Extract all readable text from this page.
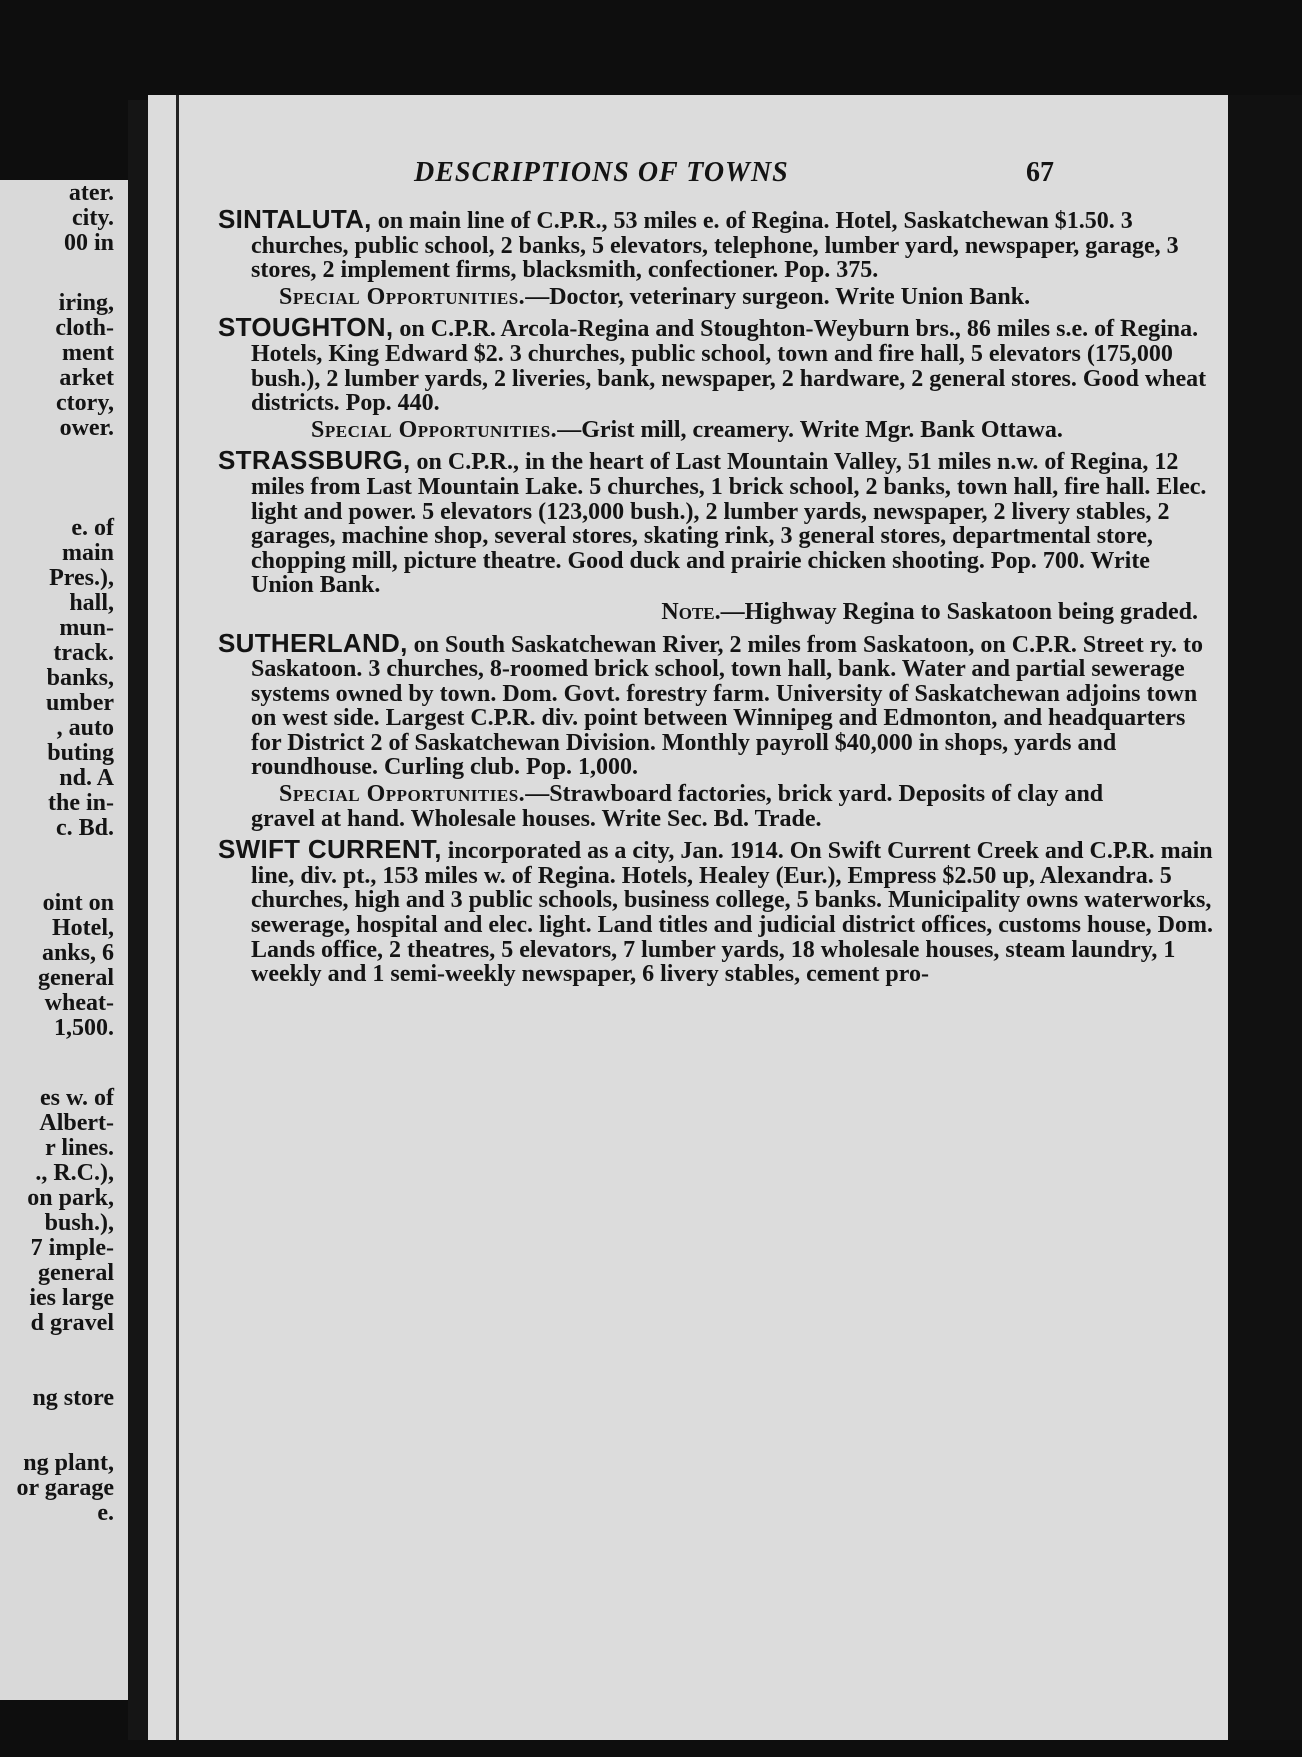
ater.
city.
00 in
iring,
cloth-
ment
arket
ctory,
ower.
e. of
main
Pres.),
hall,
mun-
track.
banks,
umber
, auto
buting
nd. A
the in-
c. Bd.
oint on
Hotel,
anks, 6
general
wheat-
1,500.
es w. of
Albert-
r lines.
., R.C.),
on park,
bush.),
7 imple-
general
ies large
d gravel
ng store
ng plant,
or garage
e.
DESCRIPTIONS OF TOWNS	67

SINTALUTA, on main line of C.P.R., 53 miles e. of Regina. Hotel, Saskatchewan $1.50. 3 churches, public school, 2 banks, 5 elevators, telephone, lumber yard, newspaper, garage, 3 stores, 2 implement firms, blacksmith, confectioner. Pop. 375.

Special Opportunities.—Doctor, veterinary surgeon. Write Union Bank.

STOUGHTON, on C.P.R. Arcola-Regina and Stoughton-Weyburn brs., 86 miles s.e. of Regina. Hotels, King Edward $2. 3 churches, public school, town and fire hall, 5 elevators (175,000 bush.), 2 lumber yards, 2 liveries, bank, newspaper, 2 hardware, 2 general stores. Good wheat districts. Pop. 440.

Special Opportunities.—Grist mill, creamery. Write Mgr. Bank Ottawa.

STRASSBURG, on C.P.R., in the heart of Last Mountain Valley, 51 miles n.w. of Regina, 12 miles from Last Mountain Lake. 5 churches, 1 brick school, 2 banks, town hall, fire hall. Elec. light and power. 5 elevators (123,000 bush.), 2 lumber yards, newspaper, 2 livery stables, 2 garages, machine shop, several stores, skating rink, 3 general stores, departmental store, chopping mill, picture theatre. Good duck and prairie chicken shooting. Pop. 700. Write Union Bank.

Note.—Highway Regina to Saskatoon being graded.

SUTHERLAND, on South Saskatchewan River, 2 miles from Saskatoon, on C.P.R. Street ry. to Saskatoon. 3 churches, 8-roomed brick school, town hall, bank. Water and partial sewerage systems owned by town. Dom. Govt. forestry farm. University of Saskatchewan adjoins town on west side. Largest C.P.R. div. point between Winnipeg and Edmonton, and headquarters for District 2 of Saskatchewan Division. Monthly payroll $40,000 in shops, yards and roundhouse. Curling club. Pop. 1,000.

Special Opportunities.—Strawboard factories, brick yard. Deposits of clay and gravel at hand. Wholesale houses. Write Sec. Bd. Trade.

SWIFT CURRENT, incorporated as a city, Jan. 1914. On Swift Current Creek and C.P.R. main line, div. pt., 153 miles w. of Regina. Hotels, Healey (Eur.), Empress $2.50 up, Alexandra. 5 churches, high and 3 public schools, business college, 5 banks. Municipality owns waterworks, sewerage, hospital and elec. light. Land titles and judicial district offices, customs house, Dom. Lands office, 2 theatres, 5 elevators, 7 lumber yards, 18 wholesale houses, steam laundry, 1 weekly and 1 semi-weekly newspaper, 6 livery stables, cement pro-
